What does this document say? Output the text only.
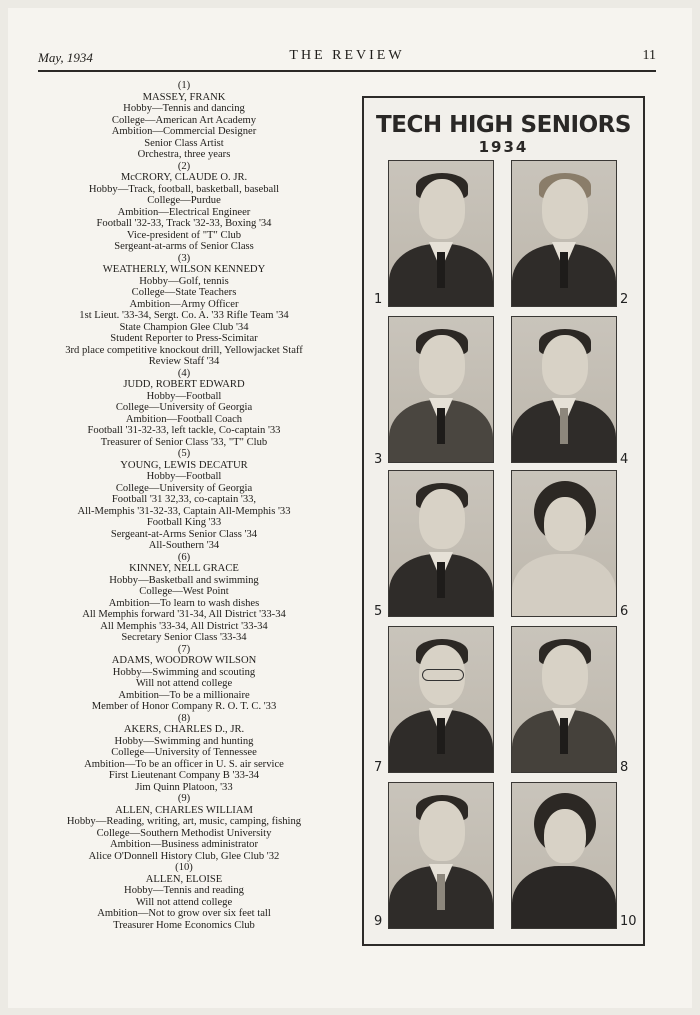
May, 1934	THE REVIEW	11
(1)
MASSEY, FRANK
Hobby—Tennis and dancing
College—American Art Academy
Ambition—Commercial Designer
Senior Class Artist
Orchestra, three years
(2)
McCRORY, CLAUDE O. JR.
Hobby—Track, football, basketball, baseball
College—Purdue
Ambition—Electrical Engineer
Football '32-33, Track '32-33, Boxing '34
Vice-president of "T" Club
Sergeant-at-arms of Senior Class
(3)
WEATHERLY, WILSON KENNEDY
Hobby—Golf, tennis
College—State Teachers
Ambition—Army Officer
1st Lieut. '33-34, Sergt. Co. A. '33 Rifle Team '34
State Champion Glee Club '34
Student Reporter to Press-Scimitar
3rd place competitive knockout drill, Yellowjacket Staff
Review Staff '34
(4)
JUDD, ROBERT EDWARD
Hobby—Football
College—University of Georgia
Ambition—Football Coach
Football '31-32-33, left tackle, Co-captain '33
Treasurer of Senior Class '33, "T" Club
(5)
YOUNG, LEWIS DECATUR
Hobby—Football
College—University of Georgia
Football '31 32,33, co-captain '33,
All-Memphis '31-32-33, Captain All-Memphis '33
Football King '33
Sergeant-at-Arms Senior Class '34
All-Southern '34
(6)
KINNEY, NELL GRACE
Hobby—Basketball and swimming
College—West Point
Ambition—To learn to wash dishes
All Memphis forward '31-34, All District '33-34
All Memphis '33-34, All District '33-34
Secretary Senior Class '33-34
(7)
ADAMS, WOODROW WILSON
Hobby—Swimming and scouting
Will not attend college
Ambition—To be a millionaire
Member of Honor Company R. O. T. C. '33
(8)
AKERS, CHARLES D., JR.
Hobby—Swimming and hunting
College—University of Tennessee
Ambition—To be an officer in U. S. air service
First Lieutenant Company B '33-34
Jim Quinn Platoon, '33
(9)
ALLEN, CHARLES WILLIAM
Hobby—Reading, writing, art, music, camping, fishing
College—Southern Methodist University
Ambition—Business administrator
Alice O'Donnell History Club, Glee Club '32
(10)
ALLEN, ELOISE
Hobby—Tennis and reading
Will not attend college
Ambition—Not to grow over six feet tall
Treasurer Home Economics Club
TECH HIGH SENIORS
1934
1	2
3	4
5	6
7	8
9	10
